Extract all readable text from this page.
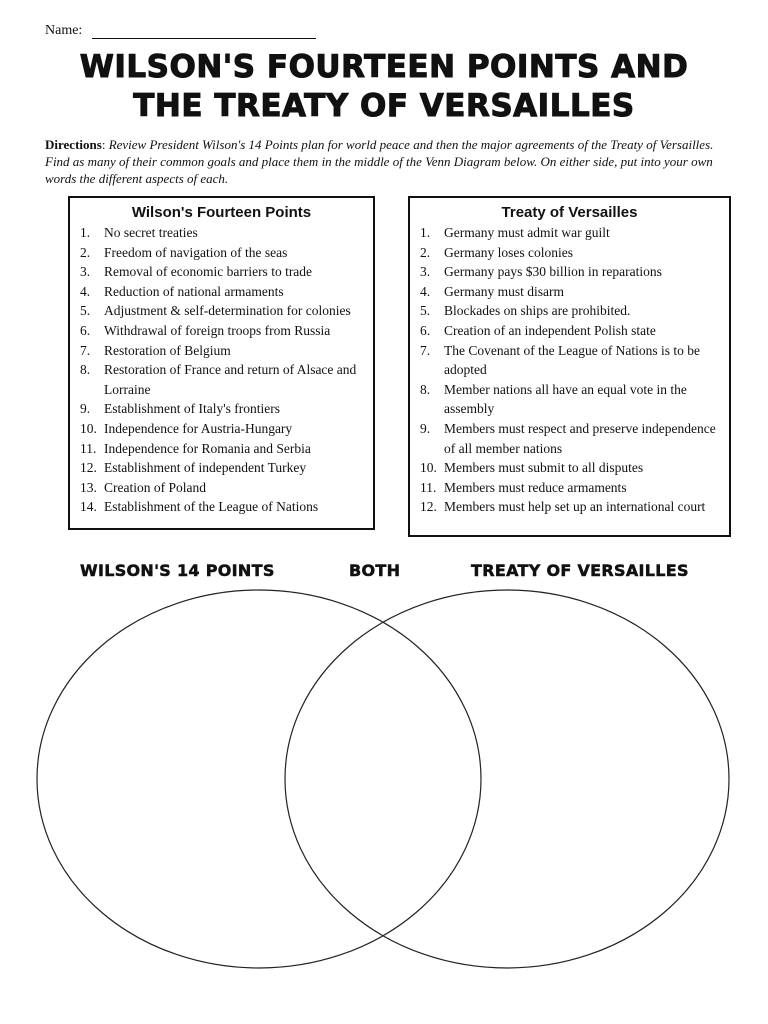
Name:
WILSON'S FOURTEEN POINTS AND
THE TREATY OF VERSAILLES
Directions: Review President Wilson's 14 Points plan for world peace and then the major agreements of the Treaty of Versailles. Find as many of their common goals and place them in the middle of the Venn Diagram below. On either side, put into your own words the different aspects of each.
Wilson's Fourteen Points
1.	No secret treaties
2.	Freedom of navigation of the seas
3.	Removal of economic barriers to trade
4.	Reduction of national armaments
5.	Adjustment & self-determination for colonies
6.	Withdrawal of foreign troops from Russia
7.	Restoration of Belgium
8.	Restoration of France and return of Alsace and Lorraine
9.	Establishment of Italy's frontiers
10. Independence for Austria-Hungary
11. Independence for Romania and Serbia
12. Establishment of independent Turkey
13. Creation of Poland
14. Establishment of the League of Nations
Treaty of Versailles
1.	Germany must admit war guilt
2.	Germany loses colonies
3.	Germany pays $30 billion in reparations
4.	Germany must disarm
5.	Blockades on ships are prohibited.
6.	Creation of an independent Polish state
7.	The Covenant of the League of Nations is to be adopted
8.	Member nations all have an equal vote in the assembly
9.	Members must respect and preserve independence of all member nations
10. Members must submit to all disputes
11. Members must reduce armaments
12. Members must help set up an international court
WILSON'S 14 POINTS	BOTH	TREATY OF VERSAILLES
